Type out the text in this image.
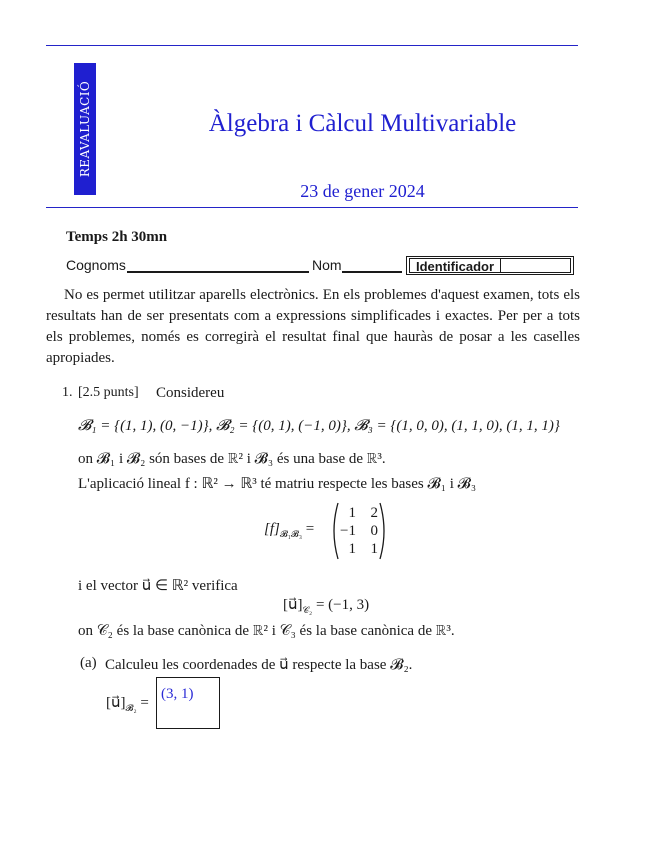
REAVALUACIÓ	Àlgebra i Càlcul Multivariable
23 de gener 2024
Temps 2h 30mn
Cognoms	Nom	Identificador
No es permet utilitzar aparells electrònics. En els problemes d'aquest examen, tots els resultats han de ser presentats com a expressions simplificades i exactes. Per per a tots els problemes, només es corregirà el resultat final que hauràs de posar a les caselles apropiades.
1. [2.5 punts] Considereu
𝓑₁ = {(1, 1), (0, −1)}, 𝓑₂ = {(0, 1), (−1, 0)}, 𝓑₃ = {(1, 0, 0), (1, 1, 0), (1, 1, 1)}
on 𝓑₁ i 𝓑₂ són bases de ℝ² i 𝓑₃ és una base de ℝ³.
L'aplicació lineal f : ℝ² → ℝ³ té matriu respecte les bases 𝓑₁ i 𝓑₃
$[f]_{𝓑_1𝓑_3}$ =
1 2
−1 0
1 1
i el vector u⃗ ∈ ℝ² verifica
$[u⃗]_{𝒞_2} = (-1$, 3)
on 𝒞₂ és la base canònica de ℝ² i 𝒞₃ és la base canònica de ℝ³.
(a) Calculeu les coordenades de u⃗ respecte la base 𝓑₂.
$[u⃗]_{𝓑_2}$ =
(3, 1)
